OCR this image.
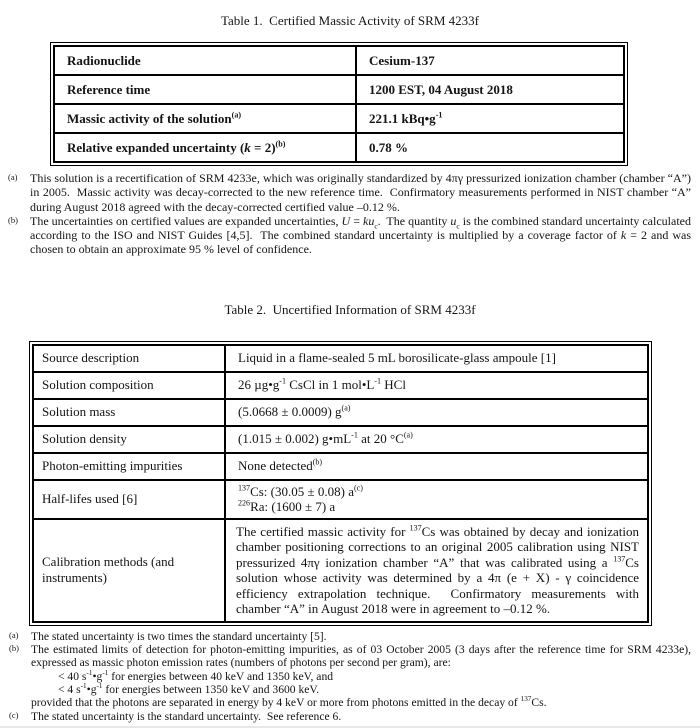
Table 1.  Certified Massic Activity of SRM 4233f
Radionuclide	Cesium-137
Reference time	1200 EST, 04 August 2018
Massic activity of the solution$^{(a)}$	221.1 $kBq•g^{-1}$
Relative expanded uncertainty (k = 2)$^{(b)}$	0.78 %
(a) This solution is a recertification of SRM 4233e, which was originally standardized by 4πγ pressurized ionization chamber (chamber “A”) in 2005.  Massic activity was decay-corrected to the new reference time.  Confirmatory measurements performed in NIST chamber “A” during August 2018 agreed with the decay-corrected certified value –0.12 %.
(b) The uncertainties on certified values are expanded uncertainties, $U = ku_c$.  The quantity $u_c$ is the combined standard uncertainty calculated according to the ISO and NIST Guides [4,5].  The combined standard uncertainty is multiplied by a coverage factor of k = 2 and was chosen to obtain an approximate 95 % level of confidence.
Table 2.  Uncertified Information of SRM 4233f
Source description	Liquid in a flame-sealed 5 mL borosilicate-glass ampoule [1]
Solution composition	26 $\mu g•g^{-1}$ CsCl in 1 $mol•L^{-1}$ HCl
Solution mass	(5.0668 ± 0.0009) $g^{(a)}$
Solution density	(1.015 ± 0.002) $g•mL^{-1}$ at 20 $^\circ C^{(a)}$
Photon-emitting impurities	None detected$^{(b)}$
Half-lifes used [6]	$^{137}$Cs: (30.05 ± 0.08) $a^{(c)}$
$^{226}$Ra: (1600 ± 7) a
Calibration methods (and instruments)	The certified massic activity for $^{137}$Cs was obtained by decay and ionization chamber positioning corrections to an original 2005 calibration using NIST pressurized 4πγ ionization chamber “A” that was calibrated using a $^{137}$Cs solution whose activity was determined by a 4π (e + X) - γ coincidence efficiency extrapolation technique.  Confirmatory measurements with chamber “A” in August 2018 were in agreement to –0.12 %.
(a) The stated uncertainty is two times the standard uncertainty [5].
(b) The estimated limits of detection for photon-emitting impurities, as of 03 October 2005 (3 days after the reference time for SRM 4233e), expressed as massic photon emission rates (numbers of photons per second per gram), are:
< 40 $s^{-1}•g^{-1}$ for energies between 40 keV and 1350 keV, and
< 4 $s^{-1}•g^{-1}$ for energies between 1350 keV and 3600 keV.
provided that the photons are separated in energy by 4 keV or more from photons emitted in the decay of $^{137}$Cs.
(c) The stated uncertainty is the standard uncertainty.  See reference 6.
